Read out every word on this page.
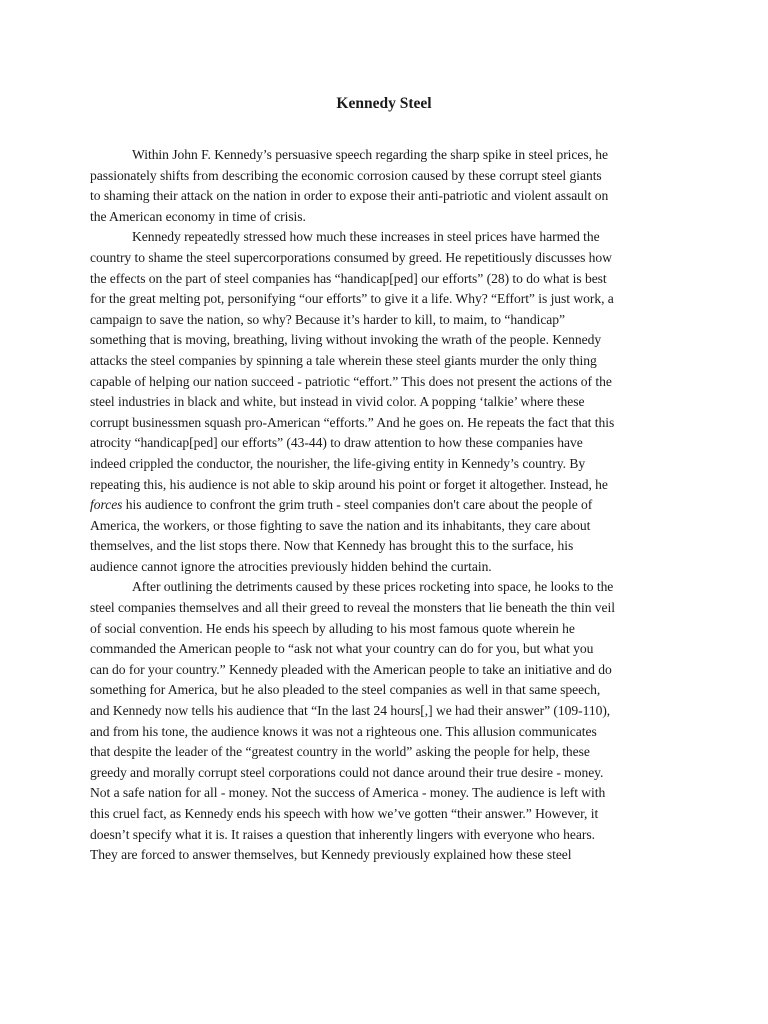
Kennedy Steel

Within John F. Kennedy’s persuasive speech regarding the sharp spike in steel prices, he
passionately shifts from describing the economic corrosion caused by these corrupt steel giants
to shaming their attack on the nation in order to expose their anti-patriotic and violent assault on
the American economy in time of crisis.

Kennedy repeatedly stressed how much these increases in steel prices have harmed the
country to shame the steel supercorporations consumed by greed. He repetitiously discusses how
the effects on the part of steel companies has “handicap[ped] our efforts” (28) to do what is best
for the great melting pot, personifying “our efforts” to give it a life. Why? “Effort” is just work, a
campaign to save the nation, so why? Because it’s harder to kill, to maim, to “handicap”
something that is moving, breathing, living without invoking the wrath of the people. Kennedy
attacks the steel companies by spinning a tale wherein these steel giants murder the only thing
capable of helping our nation succeed - patriotic “effort.” This does not present the actions of the
steel industries in black and white, but instead in vivid color. A popping ‘talkie’ where these
corrupt businessmen squash pro-American “efforts.” And he goes on. He repeats the fact that this
atrocity “handicap[ped] our efforts” (43-44) to draw attention to how these companies have
indeed crippled the conductor, the nourisher, the life-giving entity in Kennedy’s country. By
repeating this, his audience is not able to skip around his point or forget it altogether. Instead, he
forces his audience to confront the grim truth - steel companies don't care about the people of
America, the workers, or those fighting to save the nation and its inhabitants, they care about
themselves, and the list stops there. Now that Kennedy has brought this to the surface, his
audience cannot ignore the atrocities previously hidden behind the curtain.

After outlining the detriments caused by these prices rocketing into space, he looks to the
steel companies themselves and all their greed to reveal the monsters that lie beneath the thin veil
of social convention. He ends his speech by alluding to his most famous quote wherein he
commanded the American people to “ask not what your country can do for you, but what you
can do for your country.” Kennedy pleaded with the American people to take an initiative and do
something for America, but he also pleaded to the steel companies as well in that same speech,
and Kennedy now tells his audience that “In the last 24 hours[,] we had their answer” (109-110),
and from his tone, the audience knows it was not a righteous one. This allusion communicates
that despite the leader of the “greatest country in the world” asking the people for help, these
greedy and morally corrupt steel corporations could not dance around their true desire - money.
Not a safe nation for all - money. Not the success of America - money. The audience is left with
this cruel fact, as Kennedy ends his speech with how we’ve gotten “their answer.” However, it
doesn’t specify what it is. It raises a question that inherently lingers with everyone who hears.
They are forced to answer themselves, but Kennedy previously explained how these steel
